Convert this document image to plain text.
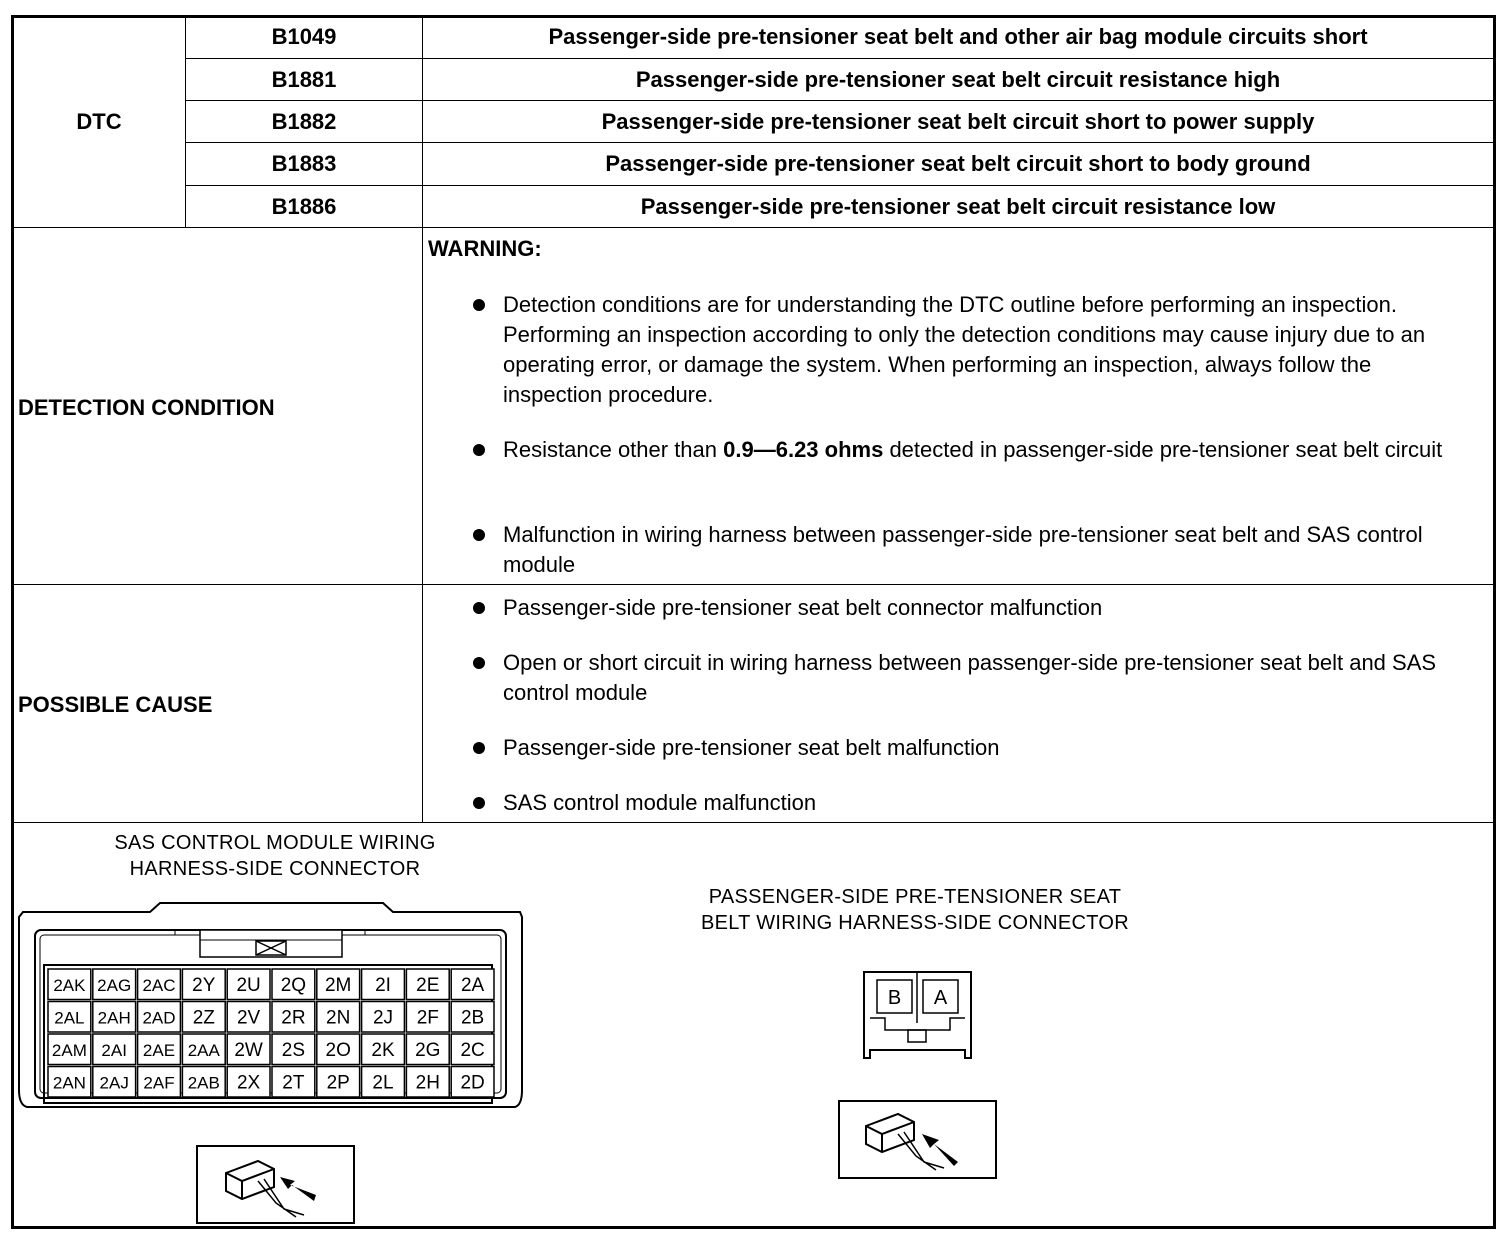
DTC
B1049	Passenger-side pre-tensioner seat belt and other air bag module circuits short
B1881	Passenger-side pre-tensioner seat belt circuit resistance high
B1882	Passenger-side pre-tensioner seat belt circuit short to power supply
B1883	Passenger-side pre-tensioner seat belt circuit short to body ground
B1886	Passenger-side pre-tensioner seat belt circuit resistance low
DETECTION CONDITION
WARNING:
Detection conditions are for understanding the DTC outline before performing an inspection. Performing an inspection according to only the detection conditions may cause injury due to an operating error, or damage the system. When performing an inspection, always follow the inspection procedure.
Resistance other than 0.9—6.23 ohms detected in passenger-side pre-tensioner seat belt circuit
Malfunction in wiring harness between passenger-side pre-tensioner seat belt and SAS control module
POSSIBLE CAUSE
Passenger-side pre-tensioner seat belt connector malfunction
Open or short circuit in wiring harness between passenger-side pre-tensioner seat belt and SAS control module
Passenger-side pre-tensioner seat belt malfunction
SAS control module malfunction
SAS CONTROL MODULE WIRING
HARNESS-SIDE CONNECTOR
PASSENGER-SIDE PRE-TENSIONER SEAT
BELT WIRING HARNESS-SIDE CONNECTOR
2AK 2AG 2AC 2Y 2U 2Q 2M 2I 2E 2A
2AL 2AH 2AD 2Z 2V 2R 2N 2J 2F 2B
2AM 2AI 2AE 2AA 2W 2S 2O 2K 2G 2C
2AN 2AJ 2AF 2AB 2X 2T 2P 2L 2H 2D
B A
